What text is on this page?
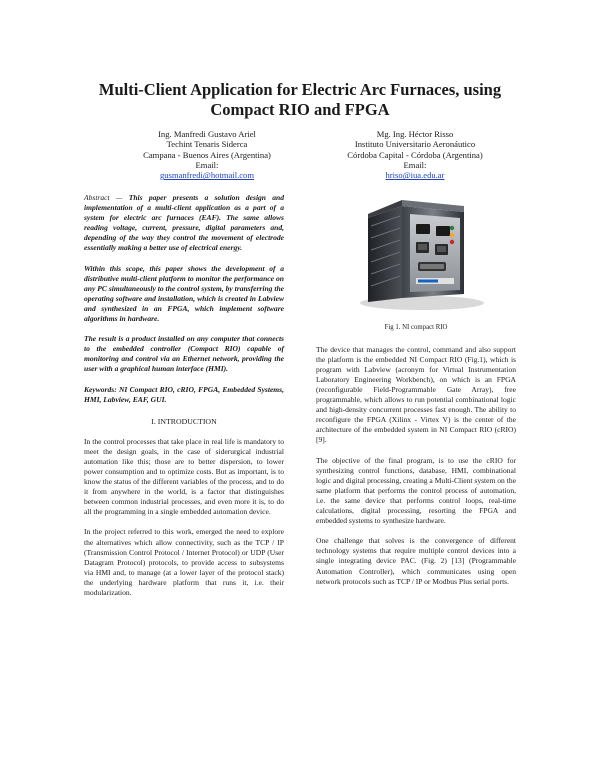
Multi-Client Application for Electric Arc Furnaces, using
Compact RIO and FPGA
Ing. Manfredi Gustavo Ariel
Techint Tenaris Siderca
Campana - Buenos Aires (Argentina)
Email:
gusmanfredi@hotmail.com
Mg. Ing. Héctor Risso
Instituto Universitario Aeronáutico
Córdoba Capital - Córdoba (Argentina)
Email:
hriso@iua.edu.ar

Abstract — This paper presents a solution design and implementation of a multi-client application as a part of a system for electric arc furnaces (EAF). The same allows reading voltage, current, pressure, digital parameters and, depending of the way they control the movement of electrode essentially making a better use of electrical energy.

Within this scope, this paper shows the development of a distributive multi-client platform to monitor the performance on any PC simultaneously to the control system, by transferring the operating software and installation, which is created in Labview and synthesized in an FPGA, which implement software algorithms in hardware.

The result is a product installed on any computer that connects to the embedded controller (Compact RIO) capable of monitoring and control via an Ethernet network, providing the user with a graphical human interface (HMI).

Keywords: NI Compact RIO, cRIO, FPGA, Embedded Systems, HMI, Labview, EAF, GUI.

I. INTRODUCTION

In the control processes that take place in real life is mandatory to meet the design goals, in the case of siderurgical industrial automation like this; those are to better dispersion, to lower power consumption and to optimize costs. But as important, is to know the status of the different variables of the process, and to do it from anywhere in the world, is a factor that distinguishes between common industrial processes, and even more it is, to do all the programming in a single embedded automation device.

In the project referred to this work, emerged the need to explore the alternatives which allow connectivity, such as the TCP / IP (Transmission Control Protocol / Internet Protocol) or UDP (User Datagram Protocol) protocols, to provide access to subsystems via HMI and, to manage (at a lower layer of the protocol stack) the underlying hardware platform that runs it, i.e. their modularization.

Fig 1. NI compact RIO

The device that manages the control, command and also support the platform is the embedded NI Compact RIO (Fig.1), which is program with Labview (acronym for Virtual Instrumentation Laboratory Engineering Workbench), on which is an FPGA (reconfigurable Field-Programmable Gate Array), free programmable, which allows to run potential combinational logic and high-density concurrent processes fast enough. The ability to reconfigure the FPGA (Xilinx - Virtex V) is the center of the architecture of the embedded system in NI Compact RIO (cRIO) [9].

The objective of the final program, is to use the cRIO for synthesizing control functions, database, HMI, combinational logic and digital processing, creating a Multi-Client system on the same platform that performs the control process of automation, i.e. the same device that performs control loops, real-time calculations, digital processing, resorting the FPGA and embedded systems to synthesize hardware.

One challenge that solves is the convergence of different technology systems that require multiple control devices into a single integrating device PAC. (Fig. 2) [13] (Programmable Automation Controller), which communicates using open network protocols such as TCP / IP or Modbus Plus serial ports.
